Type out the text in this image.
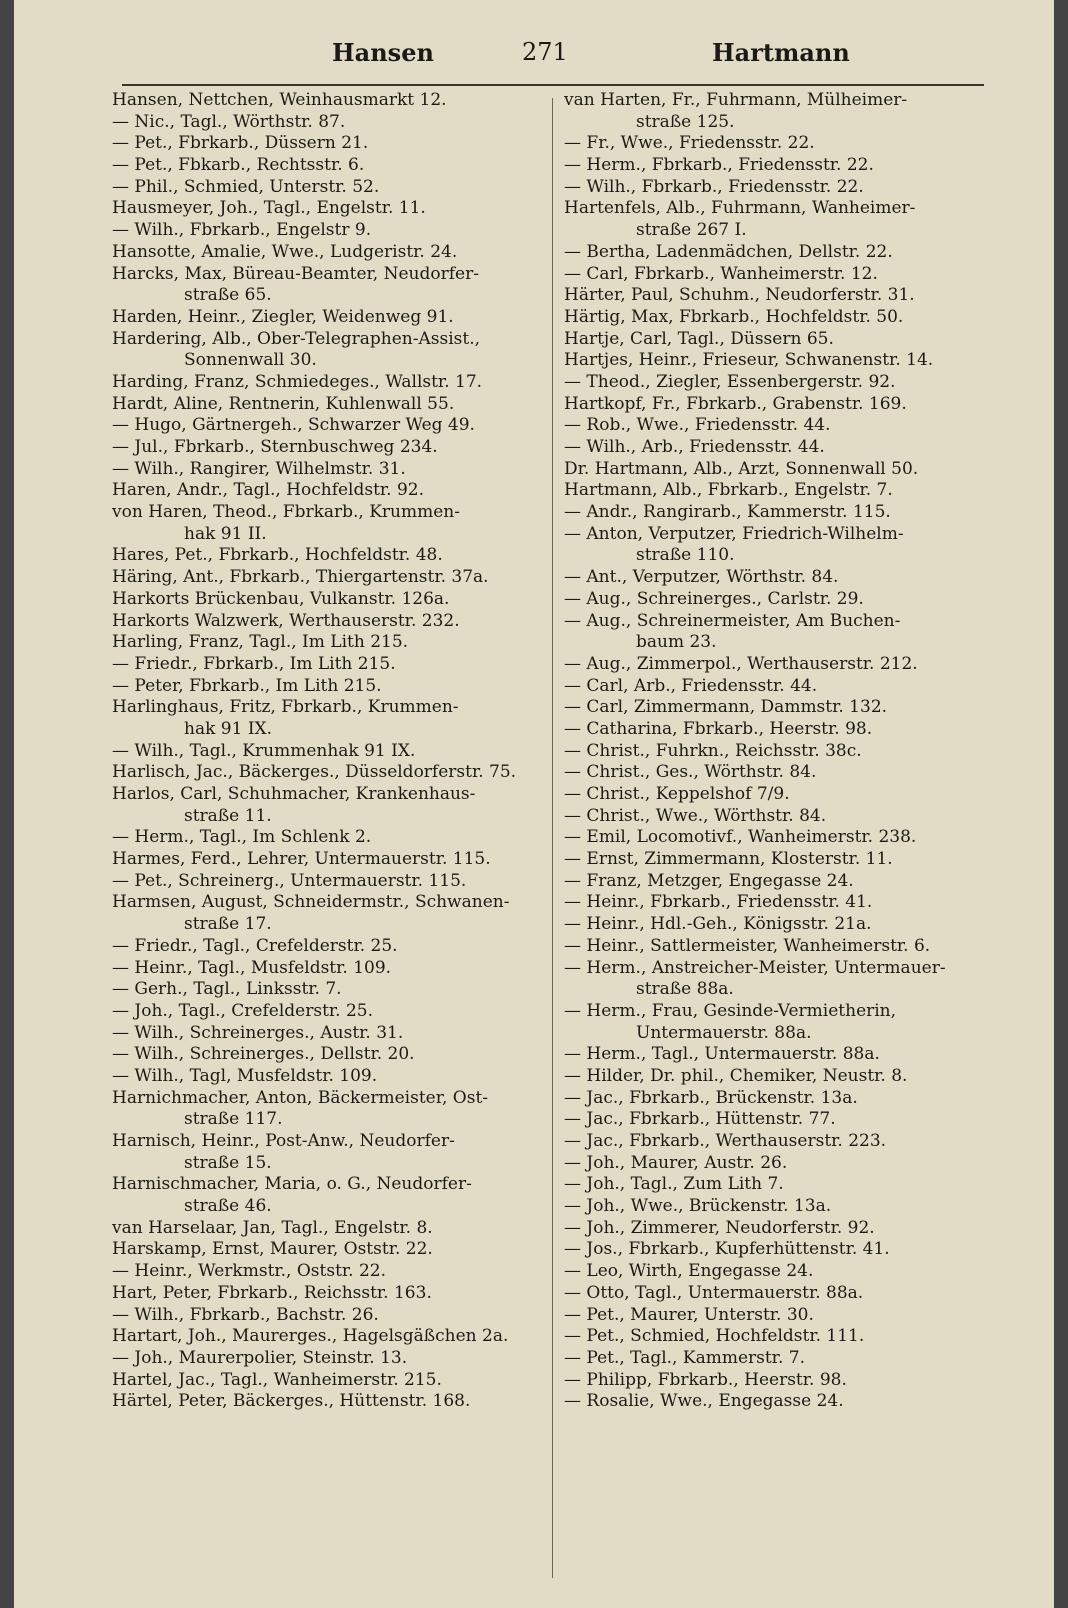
Hansen	271	Hartmann
Hansen, Nettchen, Weinhausmarkt 12.
— Nic., Tagl., Wörthstr. 87.
— Pet., Fbrkarb., Düssern 21.
— Pet., Fbkarb., Rechtsstr. 6.
— Phil., Schmied, Unterstr. 52.
Hausmeyer, Joh., Tagl., Engelstr. 11.
— Wilh., Fbrkarb., Engelstr 9.
Hansotte, Amalie, Wwe., Ludgeristr. 24.
Harcks, Max, Büreau-Beamter, Neudorfer-
straße 65.
Harden, Heinr., Ziegler, Weidenweg 91.
Hardering, Alb., Ober-Telegraphen-Assist.,
Sonnenwall 30.
Harding, Franz, Schmiedeges., Wallstr. 17.
Hardt, Aline, Rentnerin, Kuhlenwall 55.
— Hugo, Gärtnergeh., Schwarzer Weg 49.
— Jul., Fbrkarb., Sternbuschweg 234.
— Wilh., Rangirer, Wilhelmstr. 31.
Haren, Andr., Tagl., Hochfeldstr. 92.
von Haren, Theod., Fbrkarb., Krummen-
hak 91 II.
Hares, Pet., Fbrkarb., Hochfeldstr. 48.
Häring, Ant., Fbrkarb., Thiergartenstr. 37a.
Harkorts Brückenbau, Vulkanstr. 126a.
Harkorts Walzwerk, Werthauserstr. 232.
Harling, Franz, Tagl., Im Lith 215.
— Friedr., Fbrkarb., Im Lith 215.
— Peter, Fbrkarb., Im Lith 215.
Harlinghaus, Fritz, Fbrkarb., Krummen-
hak 91 IX.
— Wilh., Tagl., Krummenhak 91 IX.
Harlisch, Jac., Bäckerges., Düsseldorferstr. 75.
Harlos, Carl, Schuhmacher, Krankenhaus-
straße 11.
— Herm., Tagl., Im Schlenk 2.
Harmes, Ferd., Lehrer, Untermauerstr. 115.
— Pet., Schreinerg., Untermauerstr. 115.
Harmsen, August, Schneidermstr., Schwanen-
straße 17.
— Friedr., Tagl., Crefelderstr. 25.
— Heinr., Tagl., Musfeldstr. 109.
— Gerh., Tagl., Linksstr. 7.
— Joh., Tagl., Crefelderstr. 25.
— Wilh., Schreinerges., Austr. 31.
— Wilh., Schreinerges., Dellstr. 20.
— Wilh., Tagl, Musfeldstr. 109.
Harnichmacher, Anton, Bäckermeister, Ost-
straße 117.
Harnisch, Heinr., Post-Anw., Neudorfer-
straße 15.
Harnischmacher, Maria, o. G., Neudorfer-
straße 46.
van Harselaar, Jan, Tagl., Engelstr. 8.
Harskamp, Ernst, Maurer, Oststr. 22.
— Heinr., Werkmstr., Oststr. 22.
Hart, Peter, Fbrkarb., Reichsstr. 163.
— Wilh., Fbrkarb., Bachstr. 26.
Hartart, Joh., Maurerges., Hagelsgäßchen 2a.
— Joh., Maurerpolier, Steinstr. 13.
Hartel, Jac., Tagl., Wanheimerstr. 215.
Härtel, Peter, Bäckerges., Hüttenstr. 168.
van Harten, Fr., Fuhrmann, Mülheimer-
straße 125.
— Fr., Wwe., Friedensstr. 22.
— Herm., Fbrkarb., Friedensstr. 22.
— Wilh., Fbrkarb., Friedensstr. 22.
Hartenfels, Alb., Fuhrmann, Wanheimer-
straße 267 I.
— Bertha, Ladenmädchen, Dellstr. 22.
— Carl, Fbrkarb., Wanheimerstr. 12.
Härter, Paul, Schuhm., Neudorferstr. 31.
Härtig, Max, Fbrkarb., Hochfeldstr. 50.
Hartje, Carl, Tagl., Düssern 65.
Hartjes, Heinr., Frieseur, Schwanenstr. 14.
— Theod., Ziegler, Essenbergerstr. 92.
Hartkopf, Fr., Fbrkarb., Grabenstr. 169.
— Rob., Wwe., Friedensstr. 44.
— Wilh., Arb., Friedensstr. 44.
Dr. Hartmann, Alb., Arzt, Sonnenwall 50.
Hartmann, Alb., Fbrkarb., Engelstr. 7.
— Andr., Rangirarb., Kammerstr. 115.
— Anton, Verputzer, Friedrich-Wilhelm-
straße 110.
— Ant., Verputzer, Wörthstr. 84.
— Aug., Schreinerges., Carlstr. 29.
— Aug., Schreinermeister, Am Buchen-
baum 23.
— Aug., Zimmerpol., Werthauserstr. 212.
— Carl, Arb., Friedensstr. 44.
— Carl, Zimmermann, Dammstr. 132.
— Catharina, Fbrkarb., Heerstr. 98.
— Christ., Fuhrkn., Reichsstr. 38c.
— Christ., Ges., Wörthstr. 84.
— Christ., Keppelshof 7/9.
— Christ., Wwe., Wörthstr. 84.
— Emil, Locomotivf., Wanheimerstr. 238.
— Ernst, Zimmermann, Klosterstr. 11.
— Franz, Metzger, Engegasse 24.
— Heinr., Fbrkarb., Friedensstr. 41.
— Heinr., Hdl.-Geh., Königsstr. 21a.
— Heinr., Sattlermeister, Wanheimerstr. 6.
— Herm., Anstreicher-Meister, Untermauer-
straße 88a.
— Herm., Frau, Gesinde-Vermietherin,
Untermauerstr. 88a.
— Herm., Tagl., Untermauerstr. 88a.
— Hilder, Dr. phil., Chemiker, Neustr. 8.
— Jac., Fbrkarb., Brückenstr. 13a.
— Jac., Fbrkarb., Hüttenstr. 77.
— Jac., Fbrkarb., Werthauserstr. 223.
— Joh., Maurer, Austr. 26.
— Joh., Tagl., Zum Lith 7.
— Joh., Wwe., Brückenstr. 13a.
— Joh., Zimmerer, Neudorferstr. 92.
— Jos., Fbrkarb., Kupferhüttenstr. 41.
— Leo, Wirth, Engegasse 24.
— Otto, Tagl., Untermauerstr. 88a.
— Pet., Maurer, Unterstr. 30.
— Pet., Schmied, Hochfeldstr. 111.
— Pet., Tagl., Kammerstr. 7.
— Philipp, Fbrkarb., Heerstr. 98.
— Rosalie, Wwe., Engegasse 24.
